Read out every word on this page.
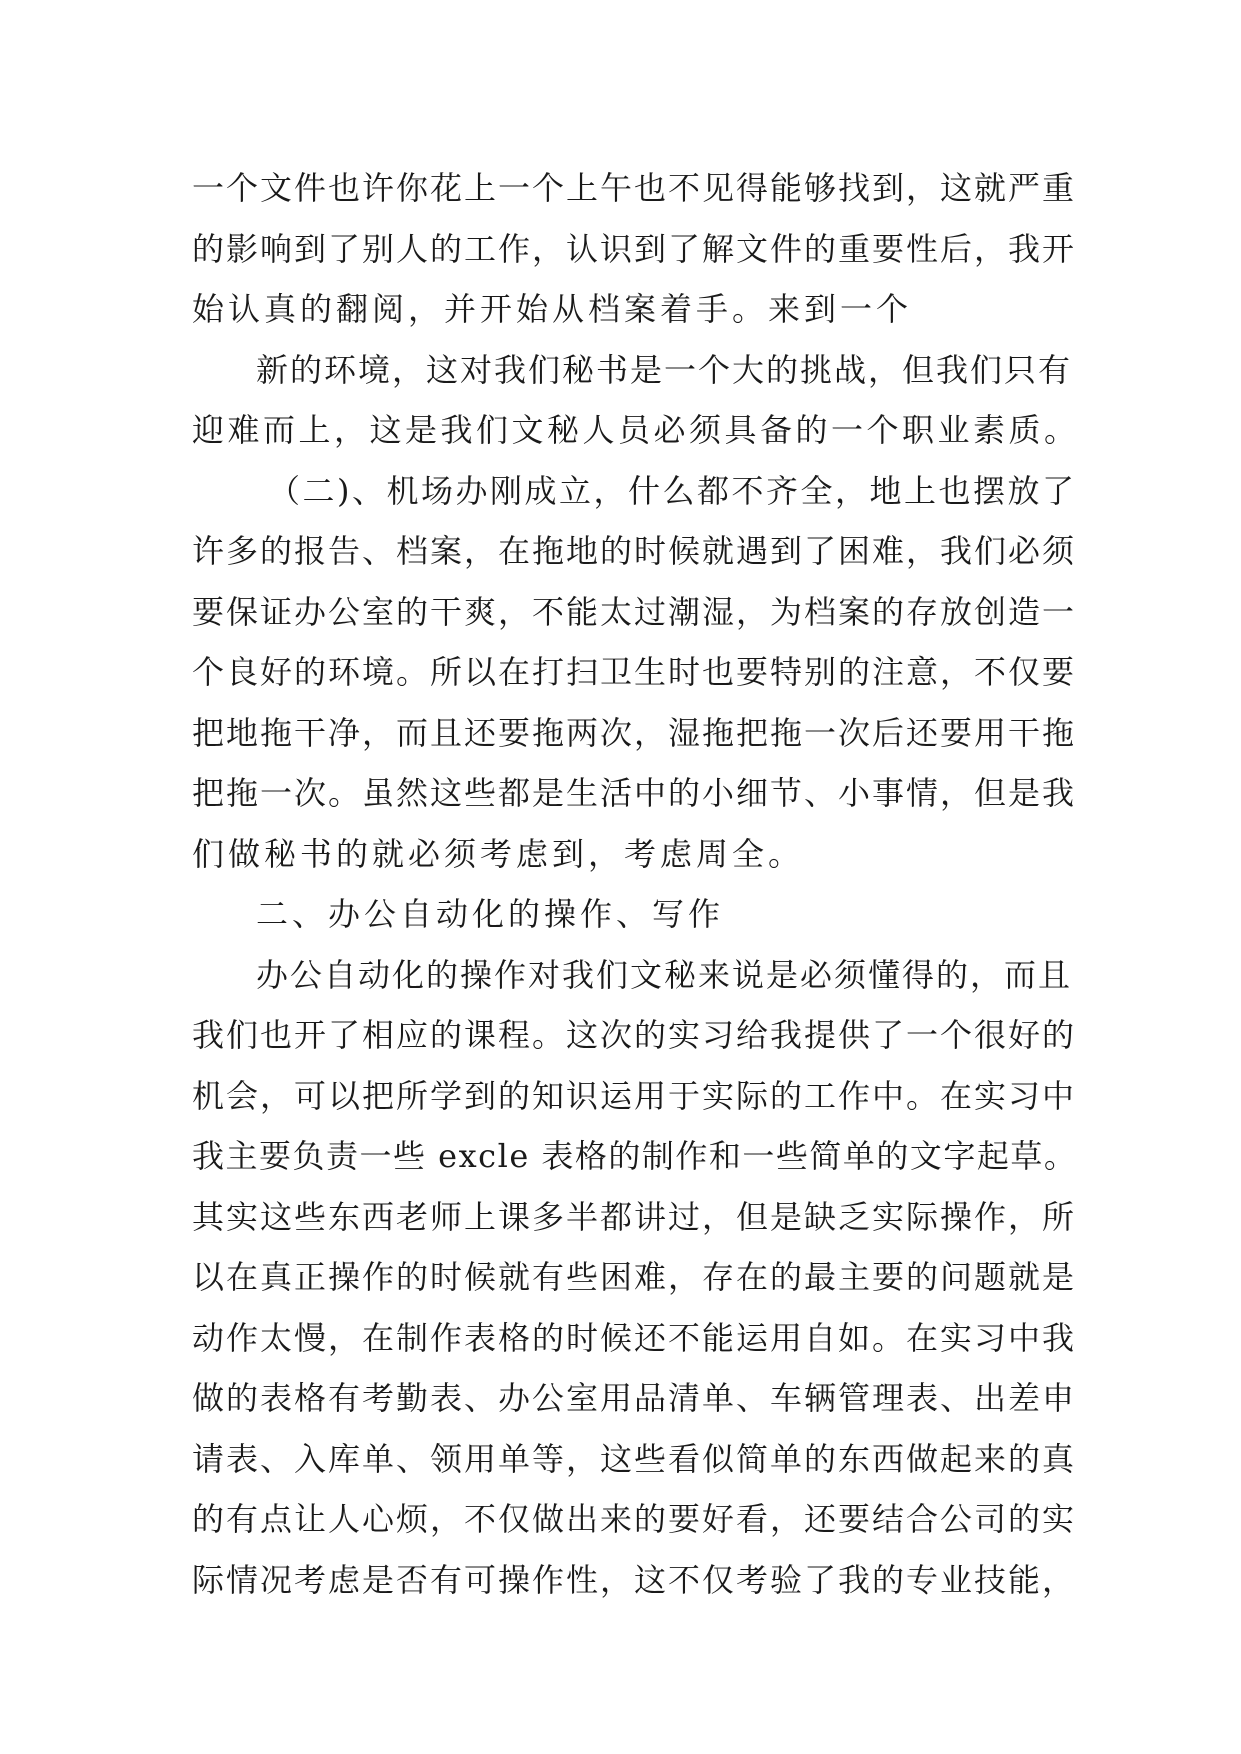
一个文件也许你花上一个上午也不见得能够找到，这就严重
的影响到了别人的工作，认识到了解文件的重要性后，我开
始认真的翻阅，并开始从档案着手。来到一个
新的环境，这对我们秘书是一个大的挑战，但我们只有
迎难而上，这是我们文秘人员必须具备的一个职业素质。
（二)、机场办刚成立，什么都不齐全，地上也摆放了
许多的报告、档案，在拖地的时候就遇到了困难，我们必须
要保证办公室的干爽，不能太过潮湿，为档案的存放创造一
个良好的环境。所以在打扫卫生时也要特别的注意，不仅要
把地拖干净，而且还要拖两次，湿拖把拖一次后还要用干拖
把拖一次。虽然这些都是生活中的小细节、小事情，但是我
们做秘书的就必须考虑到，考虑周全。
二、办公自动化的操作、写作
办公自动化的操作对我们文秘来说是必须懂得的，而且
我们也开了相应的课程。这次的实习给我提供了一个很好的
机会，可以把所学到的知识运用于实际的工作中。在实习中
我主要负责一些 excle 表格的制作和一些简单的文字起草。
其实这些东西老师上课多半都讲过，但是缺乏实际操作，所
以在真正操作的时候就有些困难，存在的最主要的问题就是
动作太慢，在制作表格的时候还不能运用自如。在实习中我
做的表格有考勤表、办公室用品清单、车辆管理表、出差申
请表、入库单、领用单等，这些看似简单的东西做起来的真
的有点让人心烦，不仅做出来的要好看，还要结合公司的实
际情况考虑是否有可操作性，这不仅考验了我的专业技能，
